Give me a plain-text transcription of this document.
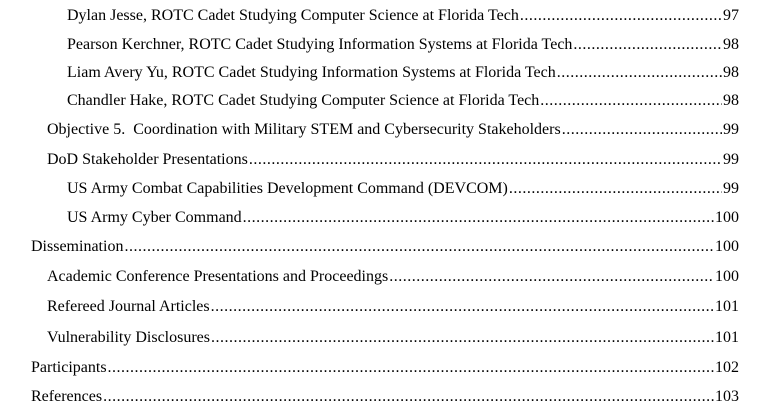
Dylan Jesse, ROTC Cadet Studying Computer Science at Florida Tech .....	97
Pearson Kerchner, ROTC Cadet Studying Information Systems at Florida Tech .....	98
Liam Avery Yu, ROTC Cadet Studying Information Systems at Florida Tech .....	98
Chandler Hake, ROTC Cadet Studying Computer Science at Florida Tech .....	98
Objective 5.  Coordination with Military STEM and Cybersecurity Stakeholders .....	99
DoD Stakeholder Presentations .....	99
US Army Combat Capabilities Development Command (DEVCOM) .....	99
US Army Cyber Command .....	100
Dissemination .....	100
Academic Conference Presentations and Proceedings .....	100
Refereed Journal Articles .....	101
Vulnerability Disclosures .....	101
Participants .....	102
References .....	103
